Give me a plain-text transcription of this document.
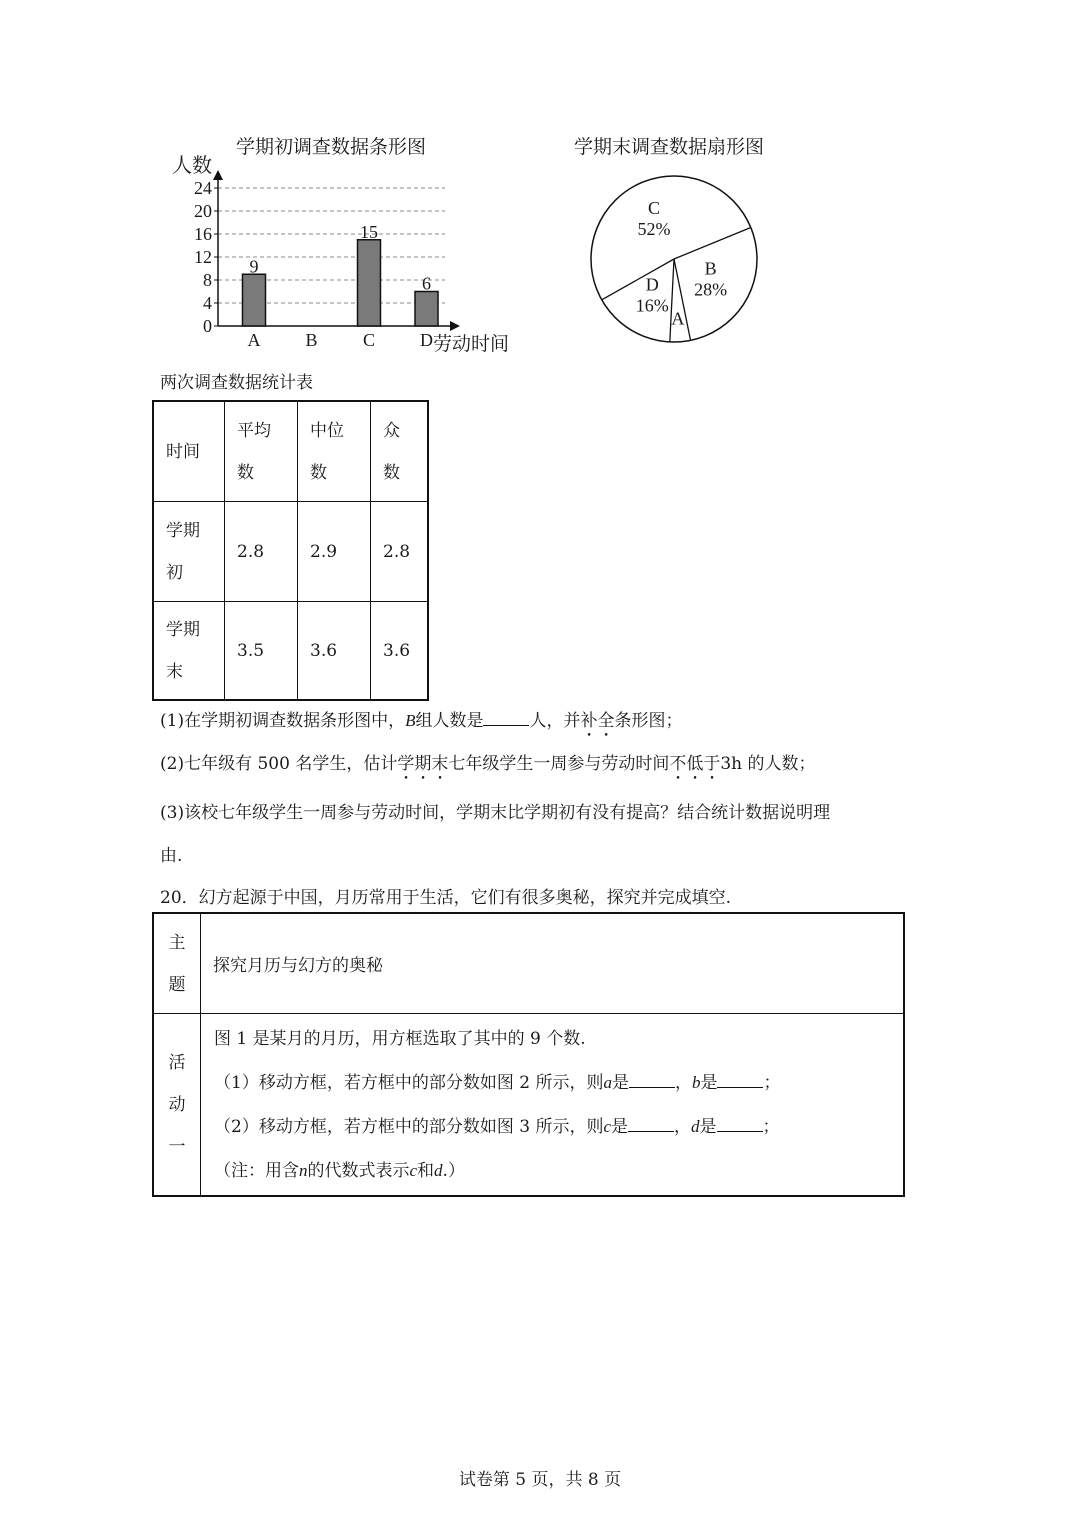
学期初调查数据条形图
0
4
8
12
16
20
24
人数
劳动时间
9
A B
15
C
6
D
学期末调查数据扇形图
B
28%
A
D
16%
C
52%
两次调查数据统计表
时间	平均数	中位数	众数
学期初	2.8	2.9	2.8
学期末	3.5	3.6	3.6
(1)在学期初调查数据条形图中，B组人数是	人，并补全条形图；
(2)七年级有 500 名学生，估计学期末七年级学生一周参与劳动时间不低于3h 的人数；
(3)该校七年级学生一周参与劳动时间，学期末比学期初有没有提高？结合统计数据说明理
由.
20．幻方起源于中国，月历常用于生活，它们有很多奥秘，探究并完成填空.
主题	探究月历与幻方的奥秘

活动一	图 1 是某月的月历，用方框选取了其中的 9 个数.
（1）移动方框，若方框中的部分数如图 2 所示，则a是 ，b是 ；
（2）移动方框，若方框中的部分数如图 3 所示，则c是 ，d是 ；
（注：用含n的代数式表示c和d.）
试卷第 5 页，共 8 页
